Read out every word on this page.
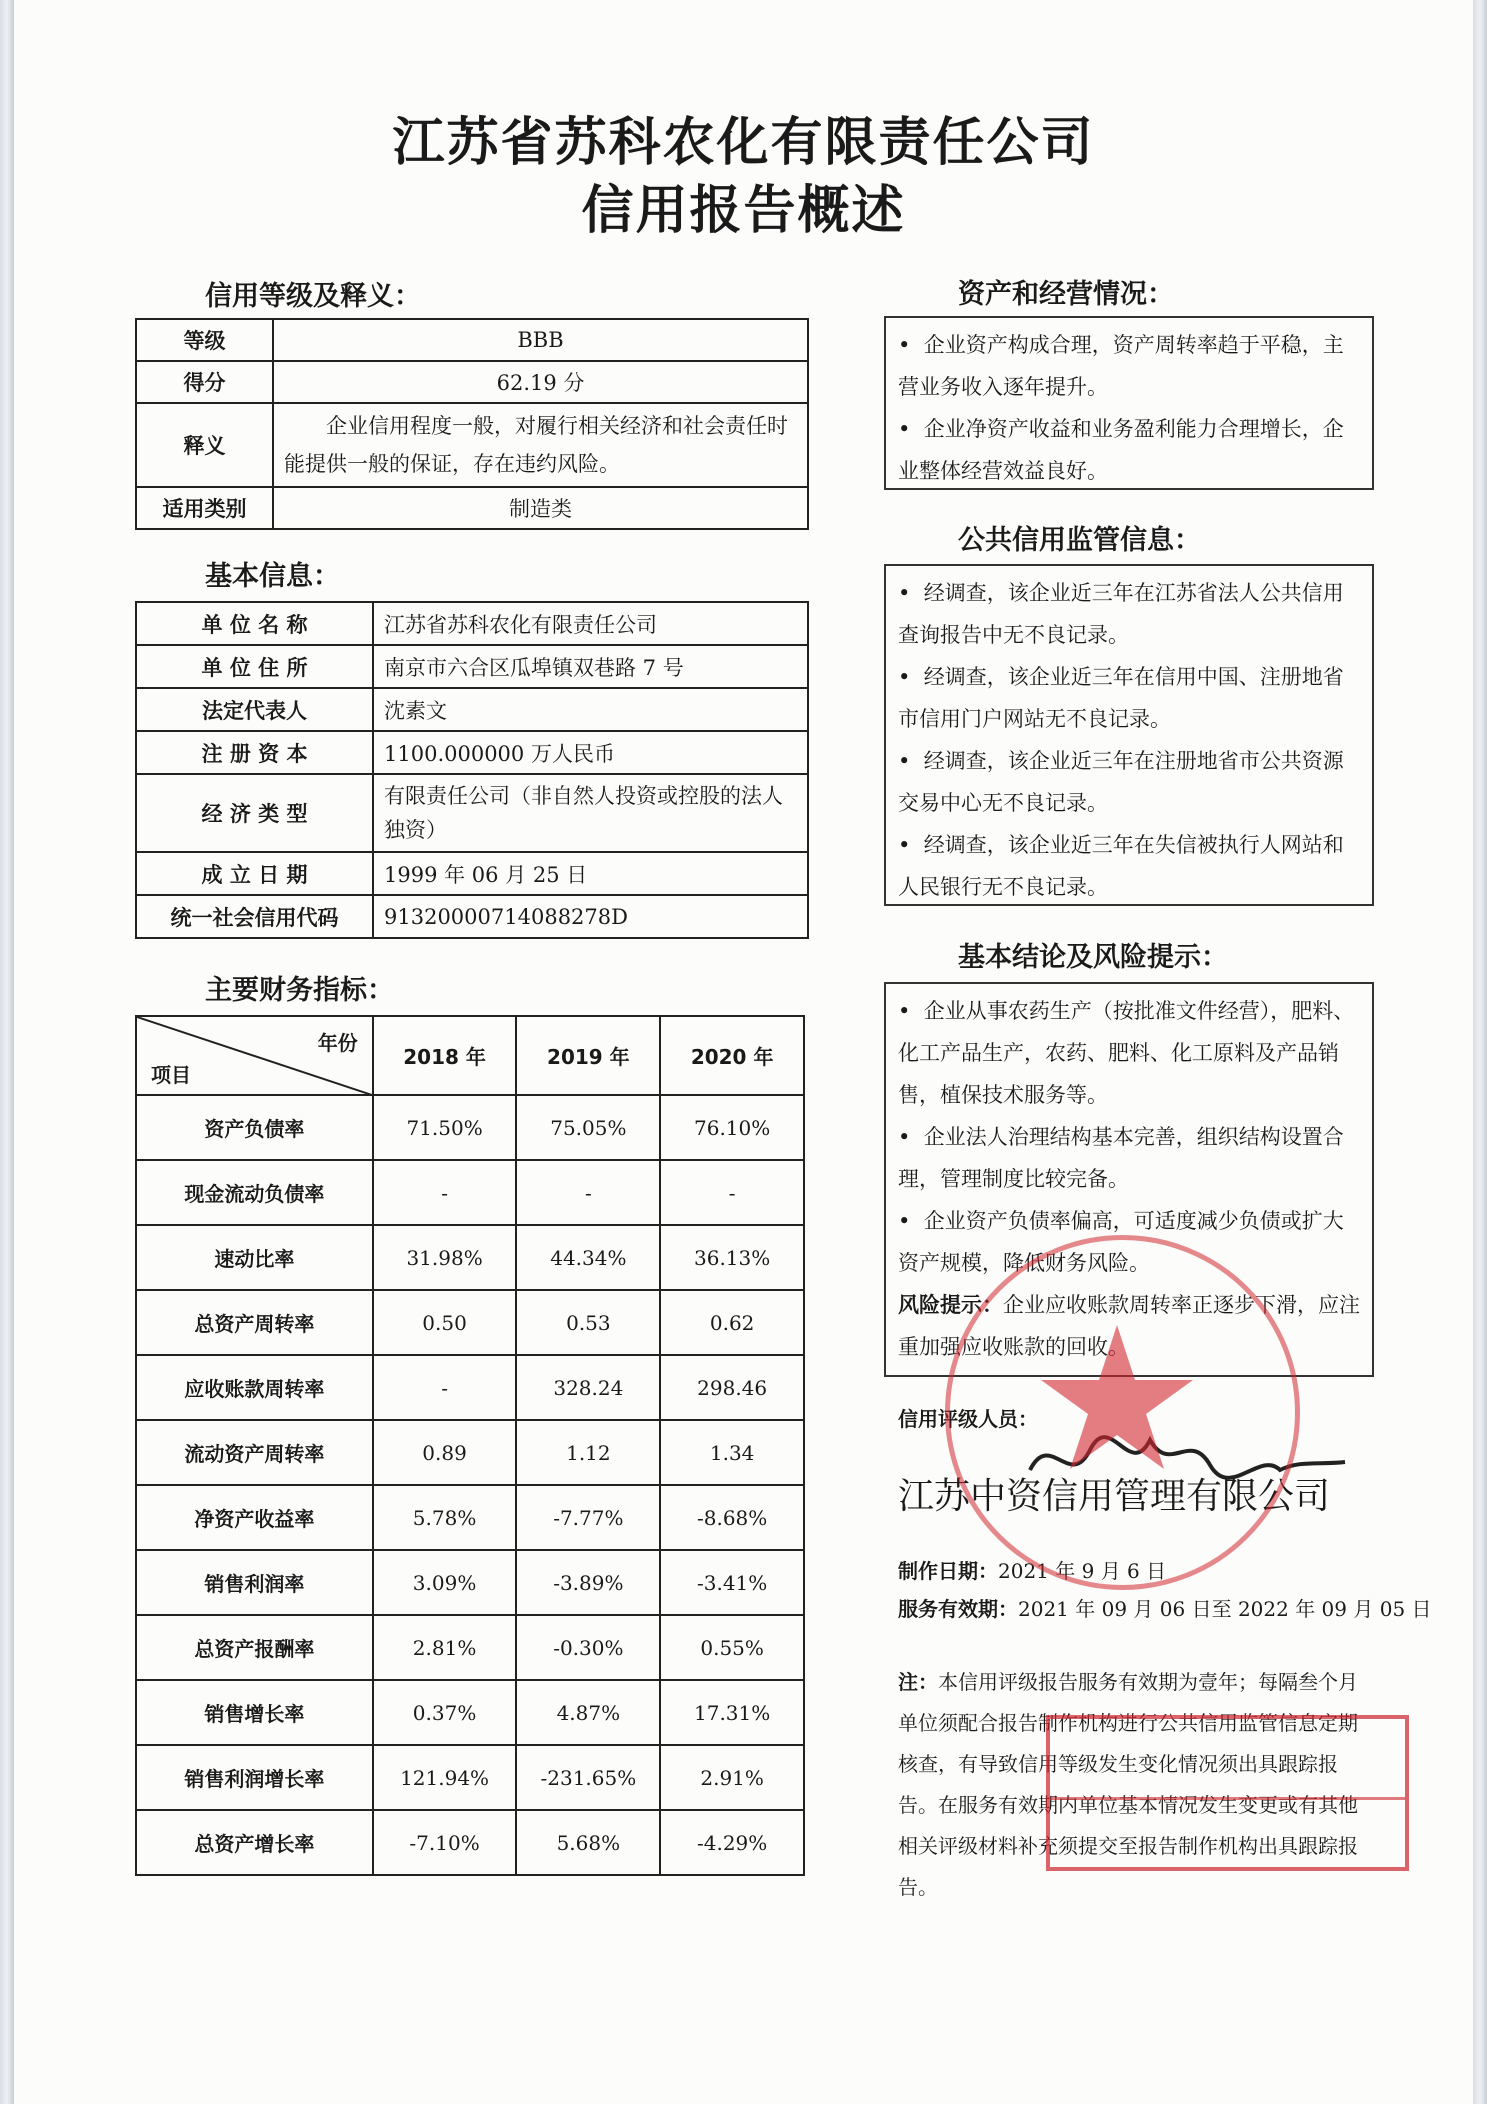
江苏省苏科农化有限责任公司
信用报告概述
信用等级及释义：
等级	BBB
得分	62.19 分
释义	企业信用程度一般，对履行相关经济和社会责任时能提供一般的保证，存在违约风险。
适用类别	制造类
基本信息：
单 位 名 称	江苏省苏科农化有限责任公司
单 位 住 所	南京市六合区瓜埠镇双巷路 7 号
法定代表人	沈素文
注 册 资 本	1100.000000 万人民币
经 济 类 型	有限责任公司（非自然人投资或控股的法人独资）
成 立 日 期	1999 年 06 月 25 日
统一社会信用代码	91320000714088278D
主要财务指标：
年份
项目	2018 年	2019 年	2020 年
资产负债率	71.50%	75.05%	76.10%
现金流动负债率	-	-	-
速动比率	31.98%	44.34%	36.13%
总资产周转率	0.50	0.53	0.62
应收账款周转率	-	328.24	298.46
流动资产周转率	0.89	1.12	1.34
净资产收益率	5.78%	-7.77%	-8.68%
销售利润率	3.09%	-3.89%	-3.41%
总资产报酬率	2.81%	-0.30%	0.55%
销售增长率	0.37%	4.87%	17.31%
销售利润增长率	121.94%	-231.65%	2.91%
总资产增长率	-7.10%	5.68%	-4.29%
资产和经营情况：

•  企业资产构成合理，资产周转率趋于平稳，主营业务收入逐年提升。

•  企业净资产收益和业务盈利能力合理增长，企业整体经营效益良好。

公共信用监管信息：

•  经调查，该企业近三年在江苏省法人公共信用查询报告中无不良记录。

•  经调查，该企业近三年在信用中国、注册地省市信用门户网站无不良记录。

•  经调查，该企业近三年在注册地省市公共资源交易中心无不良记录。

•  经调查，该企业近三年在失信被执行人网站和人民银行无不良记录。

基本结论及风险提示：

•  企业从事农药生产（按批准文件经营），肥料、化工产品生产，农药、肥料、化工原料及产品销售，植保技术服务等。

•  企业法人治理结构基本完善，组织结构设置合理，管理制度比较完备。

•  企业资产负债率偏高，可适度减少负债或扩大资产规模，降低财务风险。

风险提示：企业应收账款周转率正逐步下滑，应注重加强应收账款的回收。

信用评级人员：
江苏中资信用管理有限公司
制作日期：2021 年 9 月 6 日
服务有效期：2021 年 09 月 06 日至 2022 年 09 月 05 日
注：本信用评级报告服务有效期为壹年；每隔叁个月单位须配合报告制作机构进行公共信用监管信息定期核查，有导致信用等级发生变化情况须出具跟踪报告。在服务有效期内单位基本情况发生变更或有其他相关评级材料补充须提交至报告制作机构出具跟踪报告。
